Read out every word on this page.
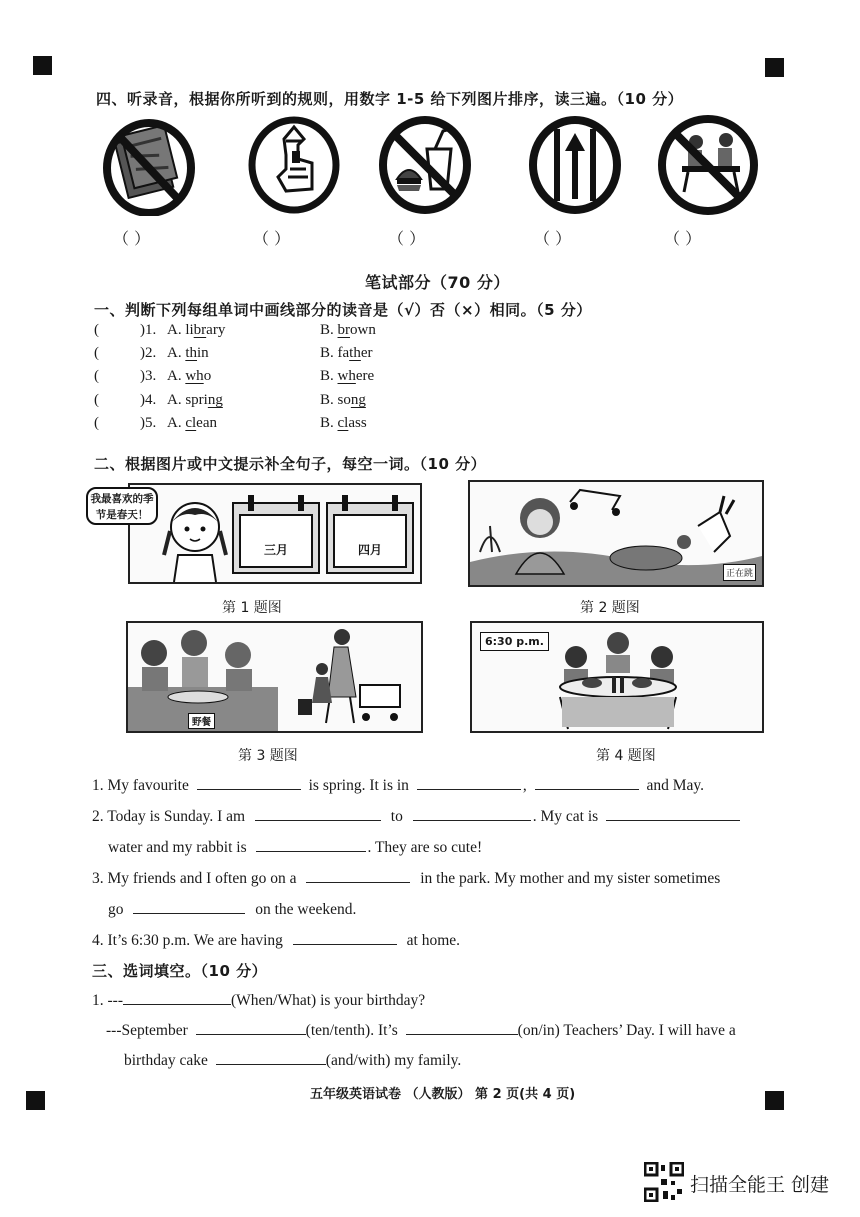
四、听录音，根据你所听到的规则，用数字 1-5 给下列图片排序，读三遍。（10 分）
（ ）	（ ）	（ ）	（ ）	（ ）
笔试部分（70 分）
一、判断下列每组单词中画线部分的读音是（√）否（×）相同。（5 分）
(	)1. A. library	B. brown
(	)2. A. thin	B. father
(	)3. A. who	B. where
(	)4. A. spring	B. song
(	)5. A. clean	B. class
二、根据图片或中文提示补全句子，每空一词。（10 分）
三月	四月
我最喜欢的季节是春天！
正在跳
第 1 题图	第 2 题图
野餐
6:30 p.m.
第 3 题图	第 4 题图
1. My favourite	is spring. It is in	,	and May.
2. Today is Sunday. I am	to	. My cat is
water and my rabbit is	. They are so cute!
3. My friends and I often go on a	in the park. My mother and my sister sometimes
go	on the weekend.
4. It’s 6:30 p.m. We are having	at home.
三、选词填空。（10 分）
1. ---	(When/What) is your birthday?
---September	(ten/tenth). It’s	(on/in) Teachers’ Day. I will have a
birthday cake	(and/with) my family.
五年级英语试卷 （人教版） 第 2 页(共 4 页)
扫描全能王 创建
